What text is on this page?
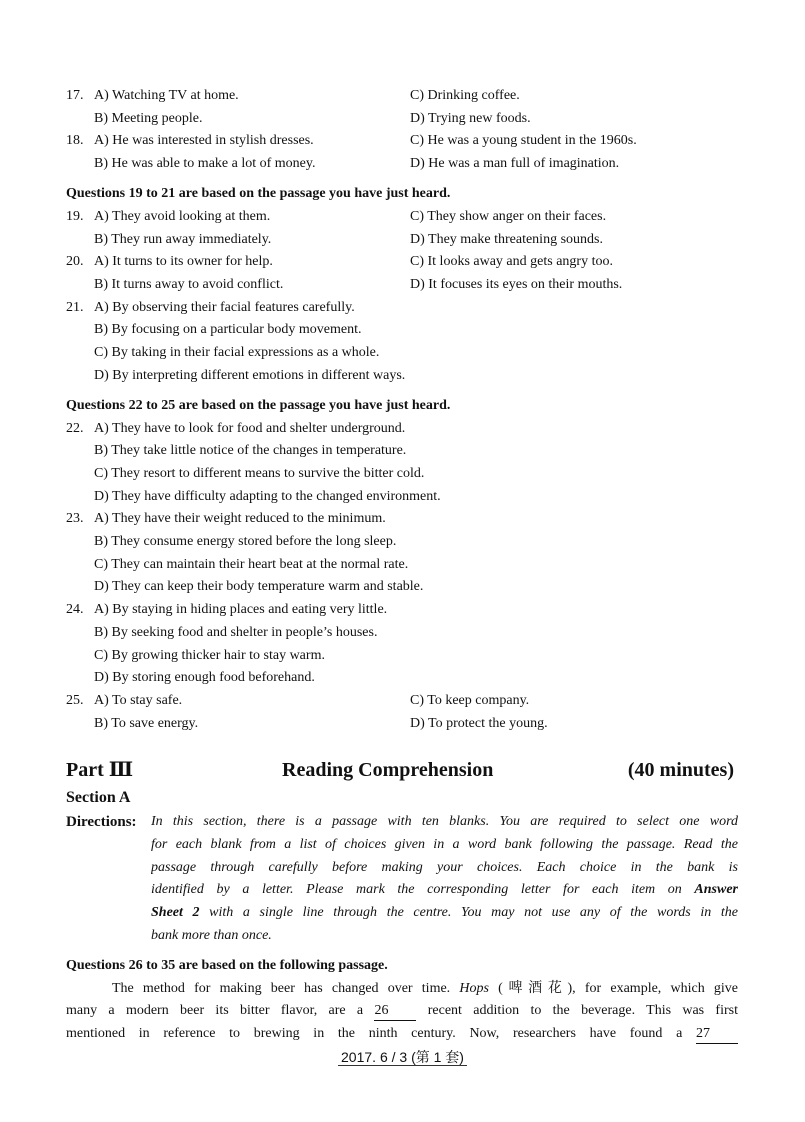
17. A) Watching TV at home.	C) Drinking coffee.
B) Meeting people.	D) Trying new foods.
18. A) He was interested in stylish dresses.	C) He was a young student in the 1960s.
B) He was able to make a lot of money.	D) He was a man full of imagination.
Questions 19 to 21 are based on the passage you have just heard.
19. A) They avoid looking at them.	C) They show anger on their faces.
B) They run away immediately.	D) They make threatening sounds.
20. A) It turns to its owner for help.	C) It looks away and gets angry too.
B) It turns away to avoid conflict.	D) It focuses its eyes on their mouths.
21. A) By observing their facial features carefully.
B) By focusing on a particular body movement.
C) By taking in their facial expressions as a whole.
D) By interpreting different emotions in different ways.
Questions 22 to 25 are based on the passage you have just heard.
22. A) They have to look for food and shelter underground.
B) They take little notice of the changes in temperature.
C) They resort to different means to survive the bitter cold.
D) They have difficulty adapting to the changed environment.
23. A) They have their weight reduced to the minimum.
B) They consume energy stored before the long sleep.
C) They can maintain their heart beat at the normal rate.
D) They can keep their body temperature warm and stable.
24. A) By staying in hiding places and eating very little.
B) By seeking food and shelter in people’s houses.
C) By growing thicker hair to stay warm.
D) By storing enough food beforehand.
25. A) To stay safe.	C) To keep company.
B) To save energy.	D) To protect the young.
Part Ⅲ	Reading Comprehension	(40 minutes)
Section A
Directions: In this section, there is a passage with ten blanks. You are required to select one word
for each blank from a list of choices given in a word bank following the passage. Read the
passage through carefully before making your choices. Each choice in the bank is
identified by a letter. Please mark the corresponding letter for each item on Answer
Sheet 2 with a single line through the centre. You may not use any of the words in the
bank more than once.
Questions 26 to 35 are based on the following passage.
The method for making beer has changed over time. Hops (啤酒花), for example, which give
many a modern beer its bitter flavor, are a 26 recent addition to the beverage. This was first
mentioned in reference to brewing in the ninth century. Now, researchers have found a 27
2017. 6 / 3 (第 1 套)
